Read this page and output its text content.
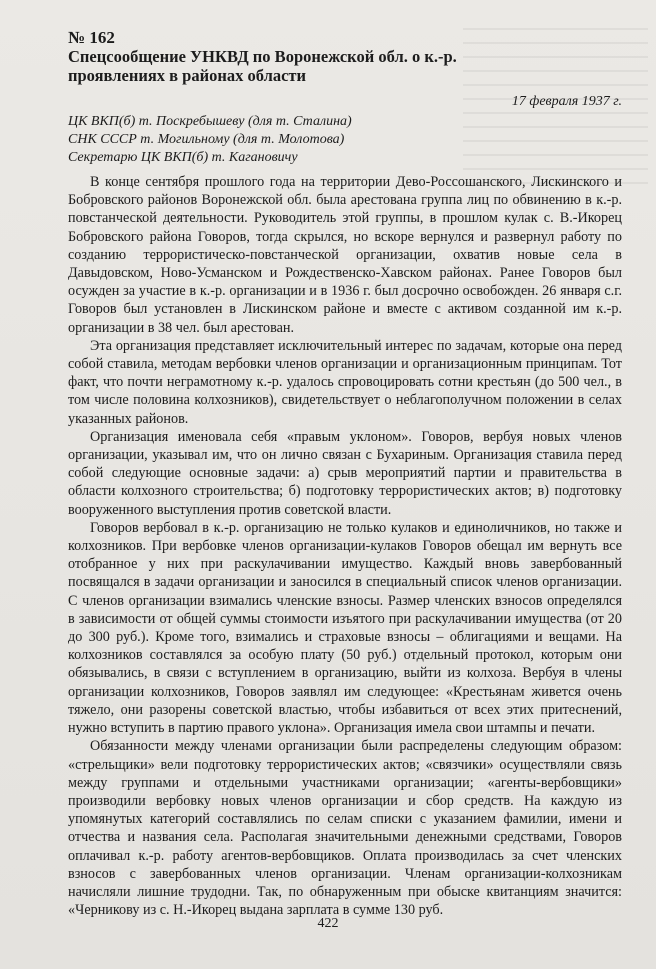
№ 162
Спецсообщение УНКВД по Воронежской обл. о к.-р. проявлениях в районах области
17 февраля 1937 г.
ЦК ВКП(б) т. Поскребышеву (для т. Сталина)
СНК СССР т. Могильному (для т. Молотова)
Секретарю ЦК ВКП(б) т. Кагановичу

В конце сентября прошлого года на территории Дево-Россошанского, Лискинского и Бобровского районов Воронежской обл. была арестована группа лиц по обвинению в к.-р. повстанческой деятельности. Руководитель этой группы, в прошлом кулак с. В.-Икорец Бобровского района Говоров, тогда скрылся, но вскоре вернулся и развернул работу по созданию террористическо-повстанческой организации, охватив новые села в Давыдовском, Ново-Усманском и Рождественско-Хавском районах. Ранее Говоров был осужден за участие в к.-р. организации и в 1936 г. был досрочно освобожден. 26 января с.г. Говоров был установлен в Лискинском районе и вместе с активом созданной им к.-р. организации в 38 чел. был арестован.

Эта организация представляет исключительный интерес по задачам, которые она перед собой ставила, методам вербовки членов организации и организационным принципам. Тот факт, что почти неграмотному к.-р. удалось спровоцировать сотни крестьян (до 500 чел., в том числе половина колхозников), свидетельствует о неблагополучном положении в селах указанных районов.

Организация именовала себя «правым уклоном». Говоров, вербуя новых членов организации, указывал им, что он лично связан с Бухариным. Организация ставила перед собой следующие основные задачи: а) срыв мероприятий партии и правительства в области колхозного строительства; б) подготовку террористических актов; в) подготовку вооруженного выступления против советской власти.

Говоров вербовал в к.-р. организацию не только кулаков и единоличников, но также и колхозников. При вербовке членов организации-кулаков Говоров обещал им вернуть все отобранное у них при раскулачивании имущество. Каждый вновь завербованный посвящался в задачи организации и заносился в специальный список членов организации. С членов организации взимались членские взносы. Размер членских взносов определялся в зависимости от общей суммы стоимости изъятого при раскулачивании имущества (от 20 до 300 руб.). Кроме того, взимались и страховые взносы – облигациями и вещами. На колхозников составлялся за особую плату (50 руб.) отдельный протокол, которым они обязывались, в связи с вступлением в организацию, выйти из колхоза. Вербуя в члены организации колхозников, Говоров заявлял им следующее: «Крестьянам живется очень тяжело, они разорены советской властью, чтобы избавиться от всех этих притеснений, нужно вступить в партию правого уклона». Организация имела свои штампы и печати.

Обязанности между членами организации были распределены следующим образом: «стрельщики» вели подготовку террористических актов; «связчики» осуществляли связь между группами и отдельными участниками организации; «агенты-вербовщики» производили вербовку новых членов организации и сбор средств. На каждую из упомянутых категорий составлялись по селам списки с указанием фамилии, имени и отчества и названия села. Располагая значительными денежными средствами, Говоров оплачивал к.-р. работу агентов-вербовщиков. Оплата производилась за счет членских взносов с завербованных членов организации. Членам организации-колхозникам начисляли лишние трудодни. Так, по обнаруженным при обыске квитанциям значится: «Черникову из с. Н.-Икорец выдана зарплата в сумме 130 руб.

422
